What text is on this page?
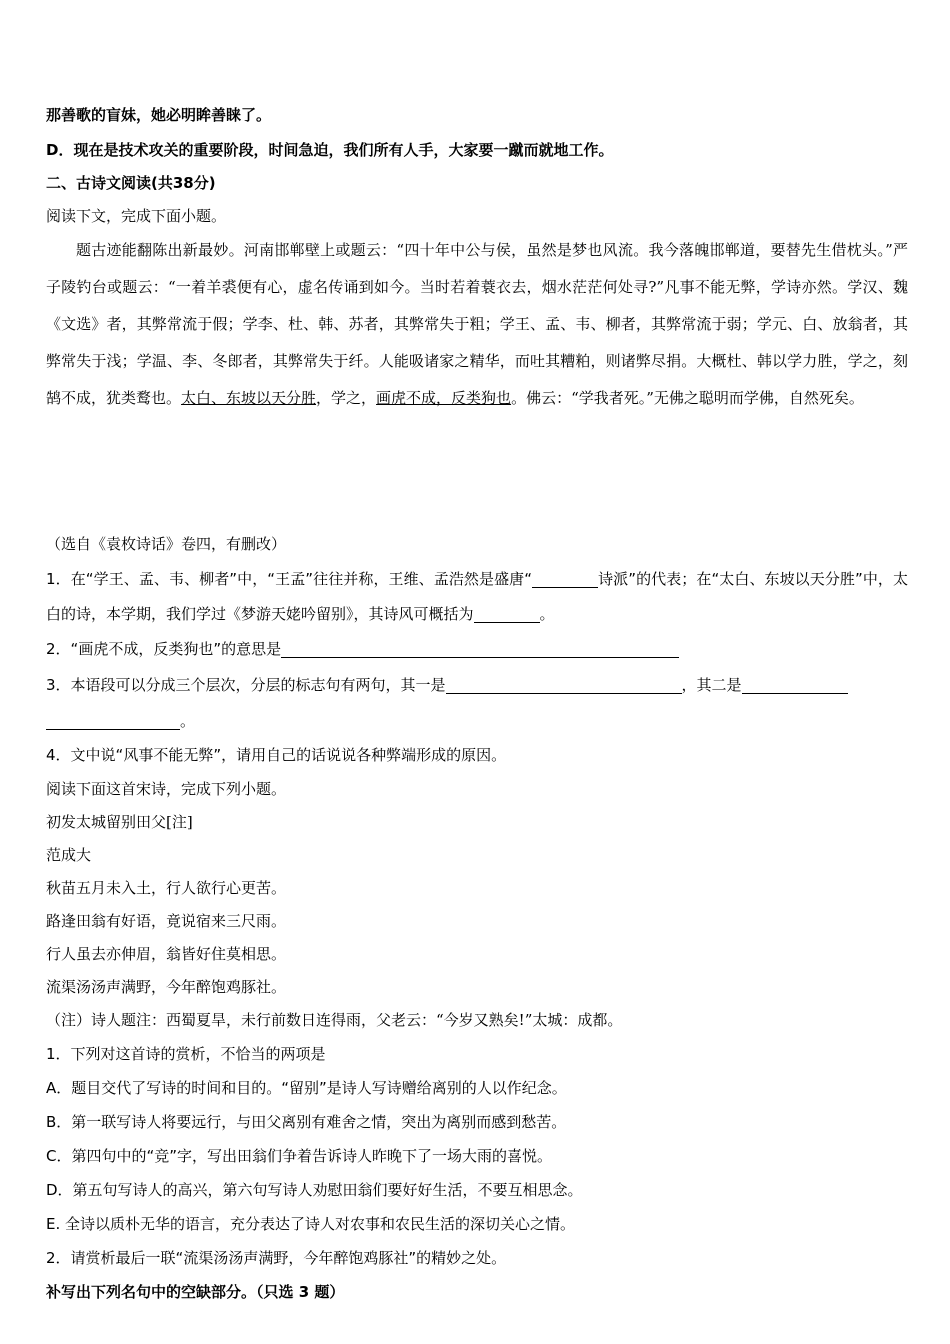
那善歌的盲妹，她必明眸善睐了。
D．现在是技术攻关的重要阶段，时间急迫，我们所有人手，大家要一蹴而就地工作。
二、古诗文阅读(共38分)
阅读下文，完成下面小题。

题古迹能翻陈出新最妙。河南邯郸壁上或题云：“四十年中公与侯，虽然是梦也风流。我今落魄邯郸道，要替先生借枕头。”严子陵钓台或题云：“一着羊裘便有心，虚名传诵到如今。当时若着蓑衣去，烟水茫茫何处寻?”凡事不能无弊，学诗亦然。学汉、魏《文选》者，其弊常流于假；学李、杜、韩、苏者，其弊常失于粗；学王、孟、韦、柳者，其弊常流于弱；学元、白、放翁者，其弊常失于浅；学温、李、冬郎者，其弊常失于纤。人能吸诸家之精华，而吐其糟粕，则诸弊尽捐。大概杜、韩以学力胜，学之，刻鹄不成，犹类鹜也。太白、东坡以天分胜，学之，画虎不成，反类狗也。佛云：“学我者死。”无佛之聪明而学佛，自然死矣。

（选自《袁枚诗话》卷四，有删改）

1．在“学王、孟、韦、柳者”中，“王孟”往往并称，王维、孟浩然是盛唐“	诗派”的代表；在“太白、东坡以天分胜”中，太白的诗，本学期，我们学过《梦游天姥吟留别》，其诗风可概括为	。

2．“画虎不成，反类狗也”的意思是

3．本语段可以分成三个层次，分层的标志句有两句，其一是	，其二是
。

4．文中说“风事不能无弊”，请用自己的话说说各种弊端形成的原因。
阅读下面这首宋诗，完成下列小题。
初发太城留别田父[注]
范成大
秋苗五月未入土，行人欲行心更苦。
路逢田翁有好语，竟说宿来三尺雨。
行人虽去亦伸眉，翁皆好住莫相思。
流渠汤汤声满野，今年醉饱鸡豚社。
（注）诗人题注：西蜀夏旱，未行前数日连得雨，父老云：“今岁又熟矣!”太城：成都。
1．下列对这首诗的赏析，不恰当的两项是
A．题目交代了写诗的时间和目的。“留别”是诗人写诗赠给离别的人以作纪念。
B．第一联写诗人将要远行，与田父离别有难舍之情，突出为离别而感到愁苦。
C．第四句中的“竞”字，写出田翁们争着告诉诗人昨晚下了一场大雨的喜悦。
D．第五句写诗人的高兴，第六句写诗人劝慰田翁们要好好生活，不要互相思念。
E. 全诗以质朴无华的语言，充分表达了诗人对农事和农民生活的深切关心之情。
2．请赏析最后一联“流渠汤汤声满野，今年醉饱鸡豚社”的精妙之处。
补写出下列名句中的空缺部分。（只选 3 题）
